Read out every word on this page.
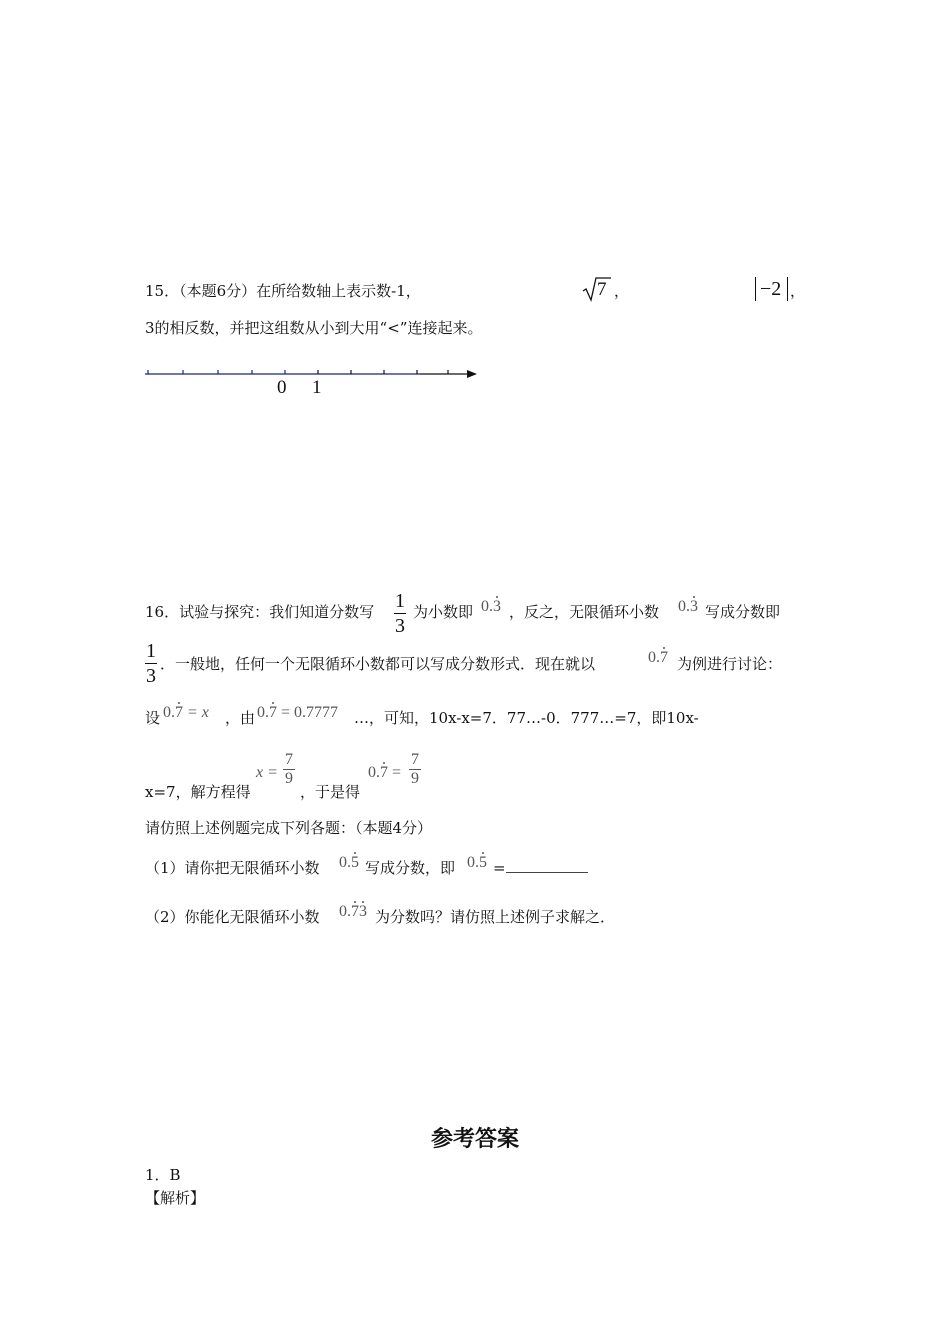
15．（本题6分）在所给数轴上表示数-1，	7 ，	−2 ，
3的相反数，并把这组数从小到大用“<”连接起来。
0 1
16．试验与探究：我们知道分数写 1
3
为小数即 0.3 ，反之，无限循环小数 0.3 写成分数即
1
3
．一般地，任何一个无限循环小数都可以写成分数形式．现在就以	0.7 为例进行讨论：
设 0.7 = x ，由 0.7 = 0.7777 …，可知，10x-x=7．77…-0．777…=7，即10x-
x=7，解方程得
x =
7
9
，于是得
0.7 =
7
9
请仿照上述例题完成下列各题：（本题4分）
（1）请你把无限循环小数 0.5 写成分数，即 0.5 =
（2）你能化无限循环小数 0.73 为分数吗？请仿照上述例子求解之．
参考答案
1．B
【解析】
